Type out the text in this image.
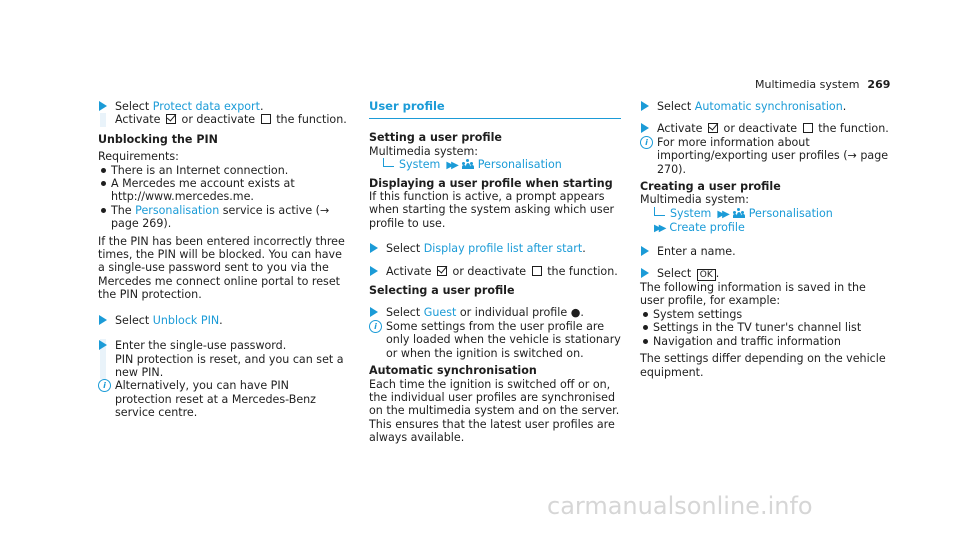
Multimedia system 269

Select Protect data export.

Activate  or deactivate  the function.

Unblocking the PIN

Requirements:

There is an Internet connection.

A Mercedes me account exists at http://www.mercedes.me.

The Personalisation service is active (→ page 269).

If the PIN has been entered incorrectly three times, the PIN will be blocked. You can have a single-use password sent to you via the Mercedes me connect online portal to reset the PIN protection.

Select Unblock PIN.

Enter the single-use password.

PIN protection is reset, and you can set a new PIN.

i Alternatively, you can have PIN protection reset at a Mercedes-Benz service centre.

User profile

Setting a user profile

Multimedia system:

System ▶▶ Personalisation

Displaying a user profile when starting

If this function is active, a prompt appears when starting the system asking which user profile to use.

Select Display profile list after start.

Activate  or deactivate  the function.

Selecting a user profile

Select Guest or individual profile ●.

i Some settings from the user profile are only loaded when the vehicle is stationary or when the ignition is switched on.

Automatic synchronisation

Each time the ignition is switched off or on, the individual user profiles are synchronised on the multimedia system and on the server. This ensures that the latest user profiles are always available.

Select Automatic synchronisation.

Activate  or deactivate  the function.

i For more information about importing/exporting user profiles (→ page 270).

Creating a user profile

Multimedia system:

System ▶▶ Personalisation

▶▶ Create profile

Enter a name.

Select OK .

The following information is saved in the user profile, for example:

System settings

Settings in the TV tuner's channel list

Navigation and traffic information

The settings differ depending on the vehicle equipment.

carmanualsonline.info
